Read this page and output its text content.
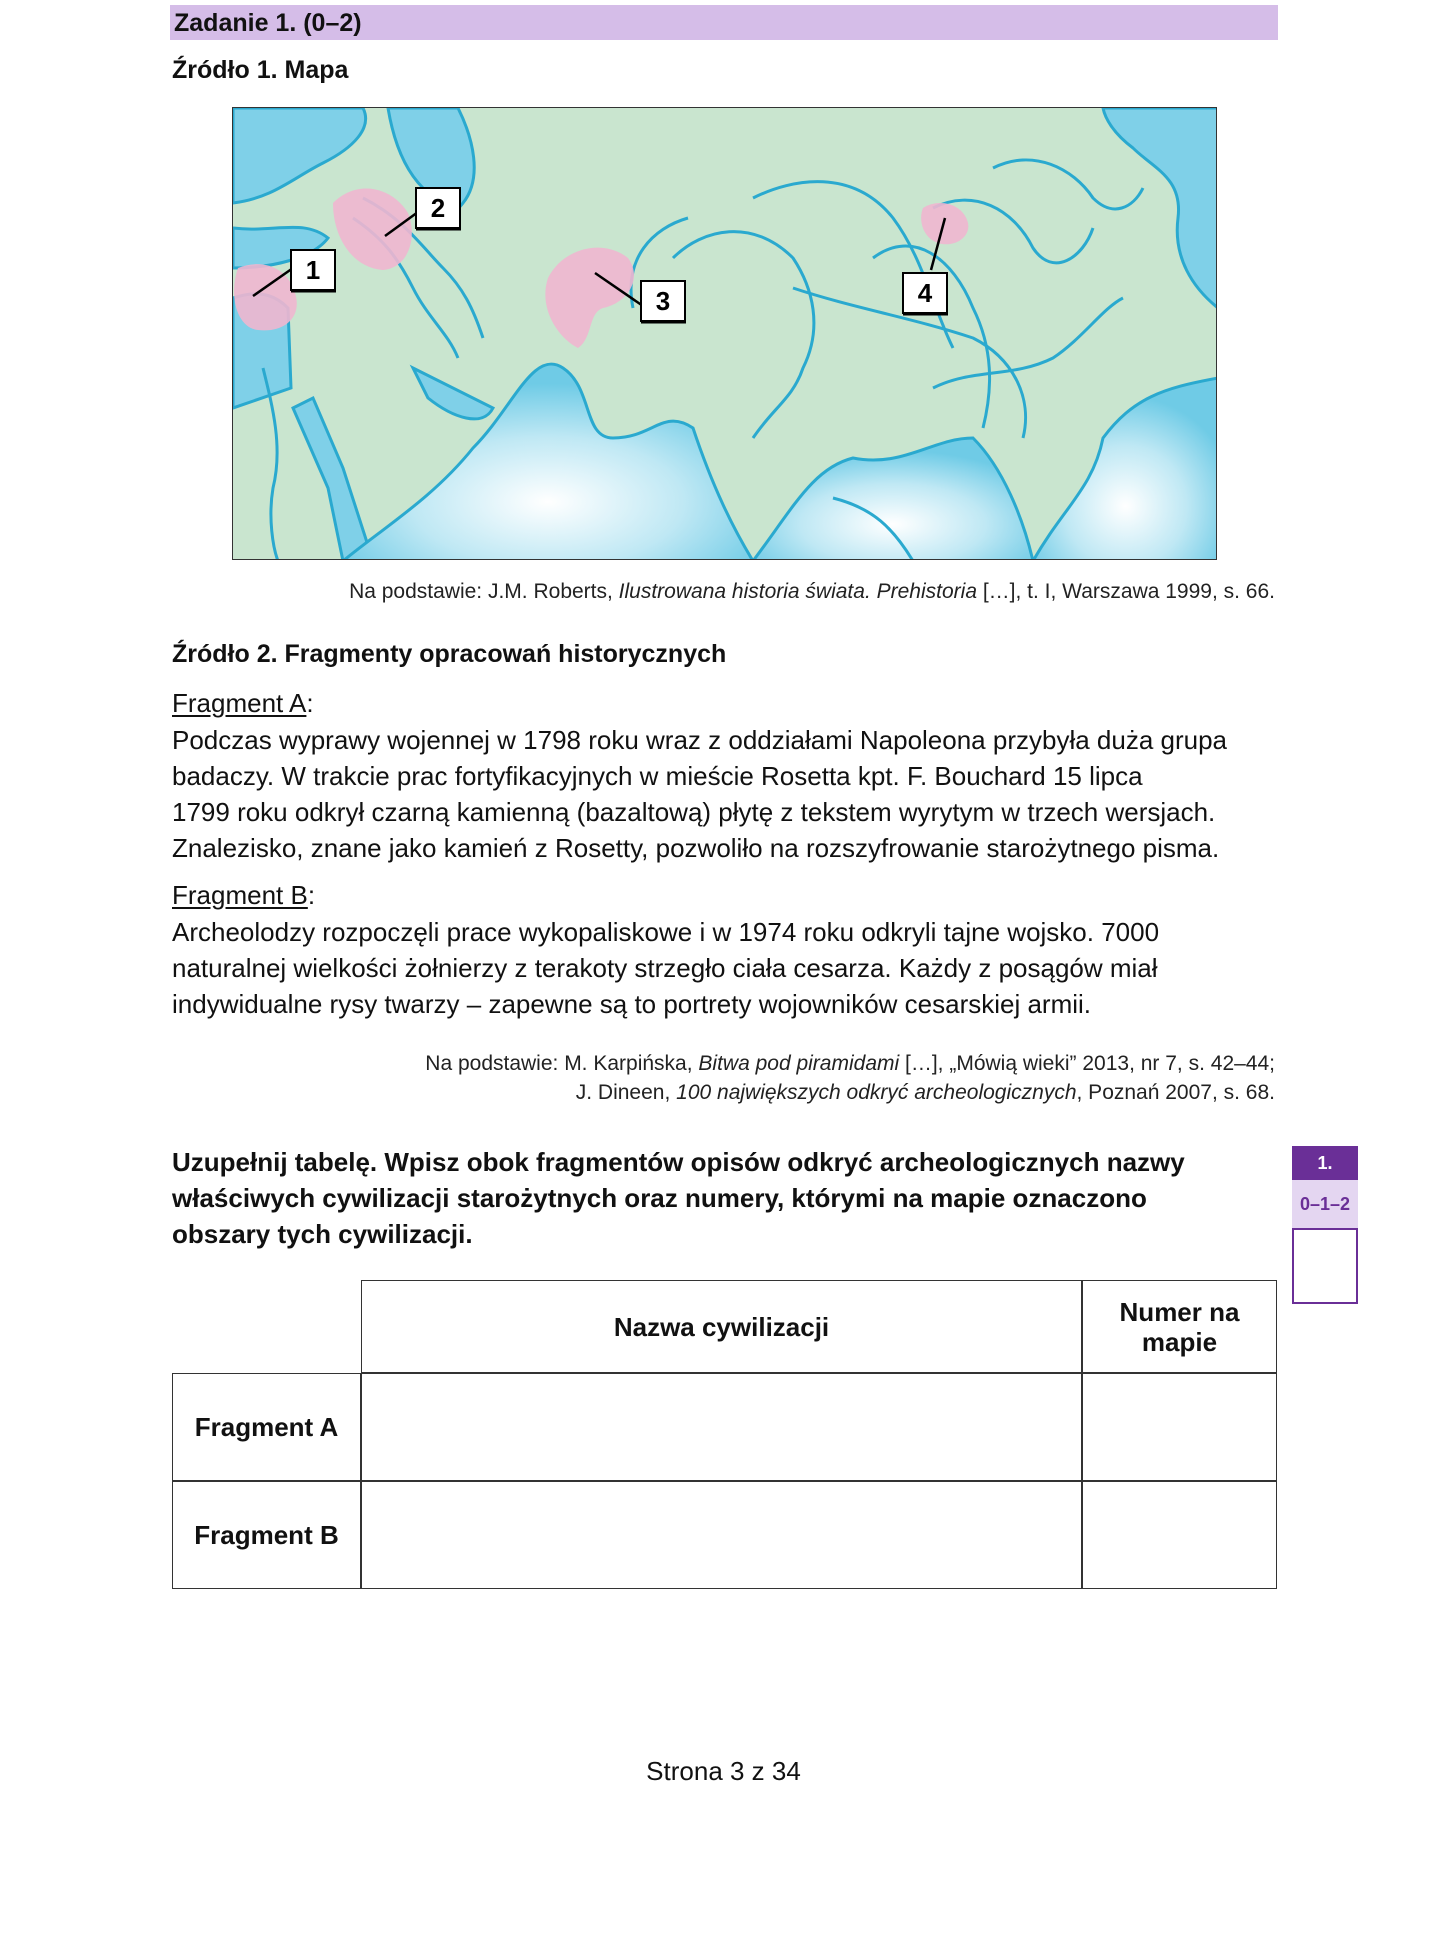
Zadanie 1. (0–2)
Źródło 1. Mapa
1
2
3	4
Na podstawie: J.M. Roberts, Ilustrowana historia świata. Prehistoria […], t. I, Warszawa 1999, s. 66.
Źródło 2. Fragmenty opracowań historycznych
Fragment A:
Podczas wyprawy wojennej w 1798 roku wraz z oddziałami Napoleona przybyła duża grupa
badaczy. W trakcie prac fortyfikacyjnych w mieście Rosetta kpt. F. Bouchard 15 lipca
1799 roku odkrył czarną kamienną (bazaltową) płytę z tekstem wyrytym w trzech wersjach.
Znalezisko, znane jako kamień z Rosetty, pozwoliło na rozszyfrowanie starożytnego pisma.
Fragment B:
Archeolodzy rozpoczęli prace wykopaliskowe i w 1974 roku odkryli tajne wojsko. 7000
naturalnej wielkości żołnierzy z terakoty strzegło ciała cesarza. Każdy z posągów miał
indywidualne rysy twarzy – zapewne są to portrety wojowników cesarskiej armii.
Na podstawie: M. Karpińska, Bitwa pod piramidami […], „Mówią wieki” 2013, nr 7, s. 42–44;
J. Dineen, 100 największych odkryć archeologicznych, Poznań 2007, s. 68.
Uzupełnij tabelę. Wpisz obok fragmentów opisów odkryć archeologicznych nazwy
właściwych cywilizacji starożytnych oraz numery, którymi na mapie oznaczono
obszary tych cywilizacji.
1.
0–1–2
Nazwa cywilizacji	Numer na
mapie
Fragment A
Fragment B
Strona 3 z 34
